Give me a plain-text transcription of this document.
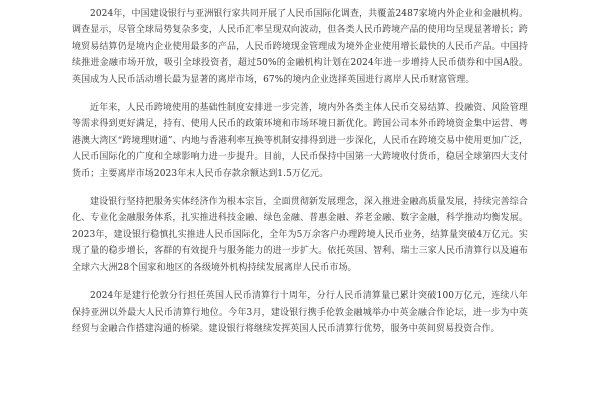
2024年，中国建设银行与亚洲银行家共同开展了人民币国际化调查，共覆盖2487家境内外企业和金融机构。调查显示，尽管全球局势复杂多变，人民币汇率呈现双向波动，但各类人民币跨境产品的使用均呈现显著增长；跨境贸易结算仍是境内企业使用最多的产品，人民币跨境现金管理成为境外企业使用增长最快的人民币产品。中国持续推进金融市场开放，吸引全球投资者，超过50%的金融机构计划在2024年进一步增持人民币债券和中国A股。英国成为人民币活动增长最为显著的离岸市场，67%的境内企业选择英国进行离岸人民币财富管理。

近年来，人民币跨境使用的基础性制度安排进一步完善，境内外各类主体人民币交易结算、投融资、风险管理等需求得到更好满足，持有、使用人民币的政策环境和市场环境日新优化。跨国公司本外币跨境资金集中运营、粤港澳大湾区“跨境理财通”、内地与香港利率互换等机制安排得到进一步深化，人民币在跨境交易中使用更加广泛，人民币国际化的广度和全球影响力进一步提升。目前，人民币保持中国第一大跨境收付货币，稳居全球第四大支付货币；主要离岸市场2023年末人民币存款余额达到1.5万亿元。

建设银行坚持把服务实体经济作为根本宗旨，全面贯彻新发展理念，深入推进金融高质量发展，持续完善综合化、专业化金融服务体系，扎实推进科技金融、绿色金融、普惠金融、养老金融、数字金融，科学推动均衡发展。2023年，建设银行稳慎扎实推进人民币国际化，全年为5万余客户办理跨境人民币业务，结算量突破4万亿元。实现了量的稳步增长，客群的有效提升与服务能力的进一步扩大。依托英国、智利、瑞士三家人民币清算行以及遍布全球六大洲28个国家和地区的各级境外机构持续发展离岸人民币市场。

2024年是建行伦敦分行担任英国人民币清算行十周年，分行人民币清算量已累计突破100万亿元，连续八年保持亚洲以外最大人民币清算行地位。今年3月，建设银行携手伦敦金融城举办中英金融合作论坛，进一步为中英经贸与金融合作搭建沟通的桥梁。建设银行将继续发挥英国人民币清算行优势，服务中英间贸易投资合作。
